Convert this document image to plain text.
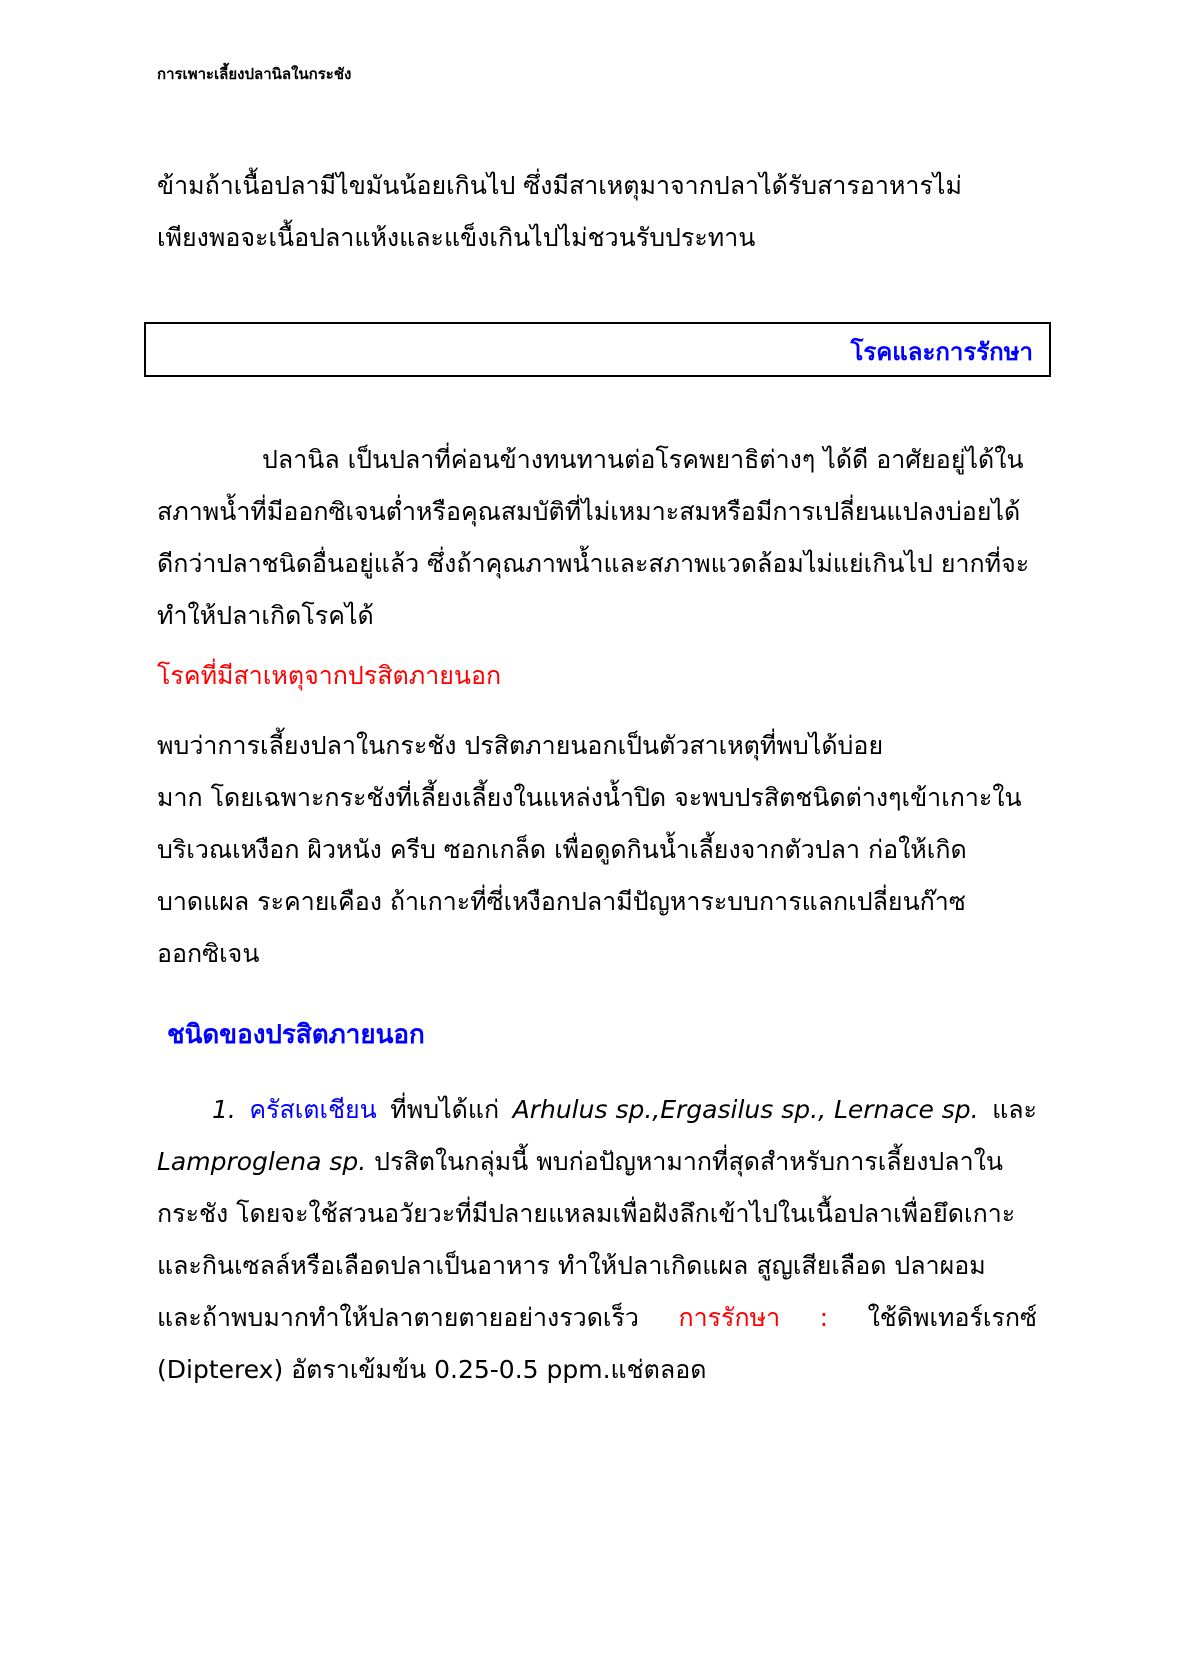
การเพาะเลี้ยงปลานิลในกระชัง
ข้ามถ้าเนื้อปลามีไขมันน้อยเกินไป ซึ่งมีสาเหตุมาจากปลาได้รับสารอาหารไม่
เพียงพอจะเนื้อปลาแห้งและแข็งเกินไปไม่ชวนรับประทาน
โรคและการรักษา
ปลานิล เป็นปลาที่ค่อนข้างทนทานต่อโรคพยาธิต่างๆ ได้ดี อาศัยอยู่ได้ใน
สภาพน้ำที่มีออกซิเจนต่ำหรือคุณสมบัติที่ไม่เหมาะสมหรือมีการเปลี่ยนแปลงบ่อยได้
ดีกว่าปลาชนิดอื่นอยู่แล้ว ซึ่งถ้าคุณภาพน้ำและสภาพแวดล้อมไม่แย่เกินไป ยากที่จะ
ทำให้ปลาเกิดโรคได้
โรคที่มีสาเหตุจากปรสิตภายนอก
พบว่าการเลี้ยงปลาในกระชัง ปรสิตภายนอกเป็นตัวสาเหตุที่พบได้บ่อย
มาก โดยเฉพาะกระชังที่เลี้ยงเลี้ยงในแหล่งน้ำปิด จะพบปรสิตชนิดต่างๆเข้าเกาะใน
บริเวณเหงือก ผิวหนัง ครีบ ซอกเกล็ด เพื่อดูดกินน้ำเลี้ยงจากตัวปลา ก่อให้เกิด
บาดแผล ระคายเคือง ถ้าเกาะที่ซี่เหงือกปลามีปัญหาระบบการแลกเปลี่ยนก๊าซ
ออกซิเจน
ชนิดของปรสิตภายนอก
1. ครัสเตเชียน ที่พบได้แก่ Arhulus sp.,Ergasilus sp., Lernace sp. และ
Lamproglena sp. ปรสิตในกลุ่มนี้ พบก่อปัญหามากที่สุดสำหรับการเลี้ยงปลาใน
กระชัง โดยจะใช้สวนอวัยวะที่มีปลายแหลมเพื่อฝังลึกเข้าไปในเนื้อปลาเพื่อยึดเกาะ
และกินเซลล์หรือเลือดปลาเป็นอาหาร ทำให้ปลาเกิดแผล สูญเสียเลือด ปลาผอม
และถ้าพบมากทำให้ปลาตายตายอย่างรวดเร็ว การรักษา : ใช้ดิพเทอร์เรกซ์
(Dipterex) อัตราเข้มข้น 0.25-0.5 ppm.แช่ตลอด
